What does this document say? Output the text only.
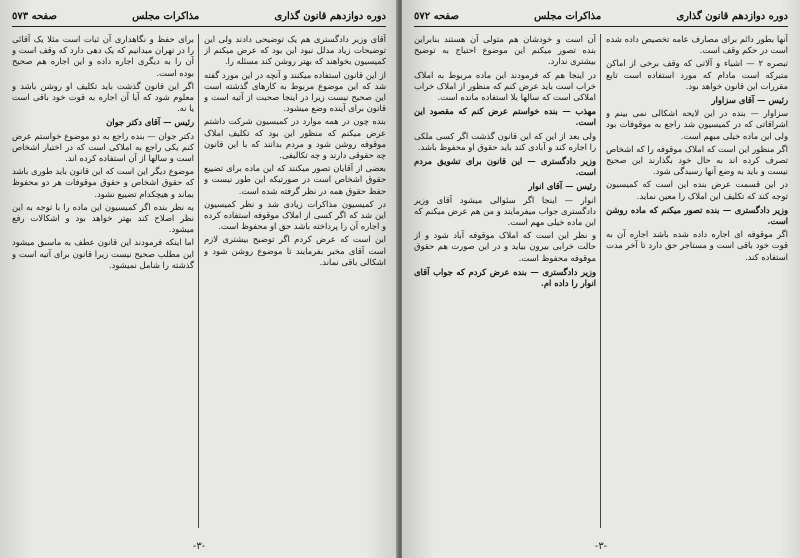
دوره دوازدهم قانون گذاری
مذاکرات مجلس
صفحه ٥٧٣

آقای وزیر دادگستری هم یک توضیحی دادند ولی این توضیحات زیاد مدلل نبود این بود که عرض میکنم از کمیسیون بخواهند که بهتر روشن کند مسئله را.

از این قانون استفاده میکنند و آنچه در این مورد گفته شد که این موضوع مربوط به کارهای گذشته است این صحیح نیست زیرا در اینجا صحبت از آتیه است و قانون برای آینده وضع میشود.

بنده چون در همه موارد در کمیسیون شرکت داشتم عرض میکنم که منظور این بود که تکلیف املاک موقوفه روشن شود و مردم بدانند که با این قانون چه حقوقی دارند و چه تکالیفی.

بعضی از آقایان تصور میکنند که این ماده برای تضییع حقوق اشخاص است در صورتیکه این طور نیست و حفظ حقوق همه در نظر گرفته شده است.

در کمیسیون مذاکرات زیادی شد و نظر کمیسیون این شد که اگر کسی از املاک موقوفه استفاده کرده و اجاره آن را پرداخته باشد حق او محفوظ است.

این است که عرض کردم اگر توضیح بیشتری لازم است آقای مخبر بفرمایند تا موضوع روشن شود و اشکالی باقی نماند.

برای حفظ و نگاهداری آن ثبات است مثلا یک آقائی را در تهران میدانیم که یک دهی دارد که وقف است و آن را به دیگری اجاره داده و این اجاره هم صحیح بوده است.

اگر این قانون گذشت باید تکلیف او روشن باشد و معلوم شود که آیا آن اجاره به قوت خود باقی است یا نه.

رئیس — آقای دکتر جوان

دکتر جوان — بنده راجع به دو موضوع خواستم عرض کنم یکی راجع به املاکی است که در اختیار اشخاص است و سالها از آن استفاده کرده اند.

موضوع دیگر این است که این قانون باید طوری باشد که حقوق اشخاص و حقوق موقوفات هر دو محفوظ بماند و هیچکدام تضییع نشود.

به نظر بنده اگر کمیسیون این ماده را با توجه به این نظر اصلاح کند بهتر خواهد بود و اشکالات رفع میشود.

اما اینکه فرمودند این قانون عطف به ماسبق میشود این مطلب صحیح نیست زیرا قانون برای آتیه است و گذشته را شامل نمیشود.

-٣-
دوره دوازدهم قانون گذاری
مذاکرات مجلس
صفحه ٥٧٢

آنها بطور دائم برای مصارف عامه تخصیص داده شده است در حکم وقف است.

تبصره ۲ — اشیاء و آلاتی که وقف برخی از اماکن متبرکه است مادام که مورد استفاده است تابع مقررات این قانون خواهد بود.

رئیس — آقای سزاوار

سزاوار — بنده در این لایحه اشکالی نمی بینم و اشراقاتی که در کمیسیون شد راجع به موقوفات بود ولی این ماده خیلی مبهم است.

اگر منظور این است که املاک موقوفه را که اشخاص تصرف کرده اند به حال خود بگذارند این صحیح نیست و باید به وضع آنها رسیدگی شود.

در این قسمت عرض بنده این است که کمیسیون توجه کند که تکلیف این املاک را معین نماید.

وزیر دادگستری — بنده تصور میکنم که ماده روشن است.

اگر موقوفه ای اجاره داده شده باشد اجاره آن به قوت خود باقی است و مستاجر حق دارد تا آخر مدت استفاده کند.

آن است و خودشان هم متولی آن هستند بنابراین بنده تصور میکنم این موضوع احتیاج به توضیح بیشتری ندارد.

در اینجا هم که فرمودند این ماده مربوط به املاک خراب است باید عرض کنم که منظور از املاک خراب املاکی است که سالها بلا استفاده مانده است.

مهذب — بنده خواستم عرض کنم که مقصود این است.

ولی بعد از این که این قانون گذشت اگر کسی ملکی را اجاره کند و آبادی کند باید حقوق او محفوظ باشد.

وزیر دادگستری — این قانون برای تشویق مردم است.

رئیس — آقای انوار

انوار — اینجا اگر سئوالی میشود آقای وزیر دادگستری جواب میفرمایند و من هم عرض میکنم که این ماده خیلی مهم است.

و نظر این است که املاک موقوفه آباد شود و از حالت خرابی بیرون بیاید و در این صورت هم حقوق موقوفه محفوظ است.

وزیر دادگستری — بنده عرض کردم که جواب آقای انوار را داده ام.

-٣-
